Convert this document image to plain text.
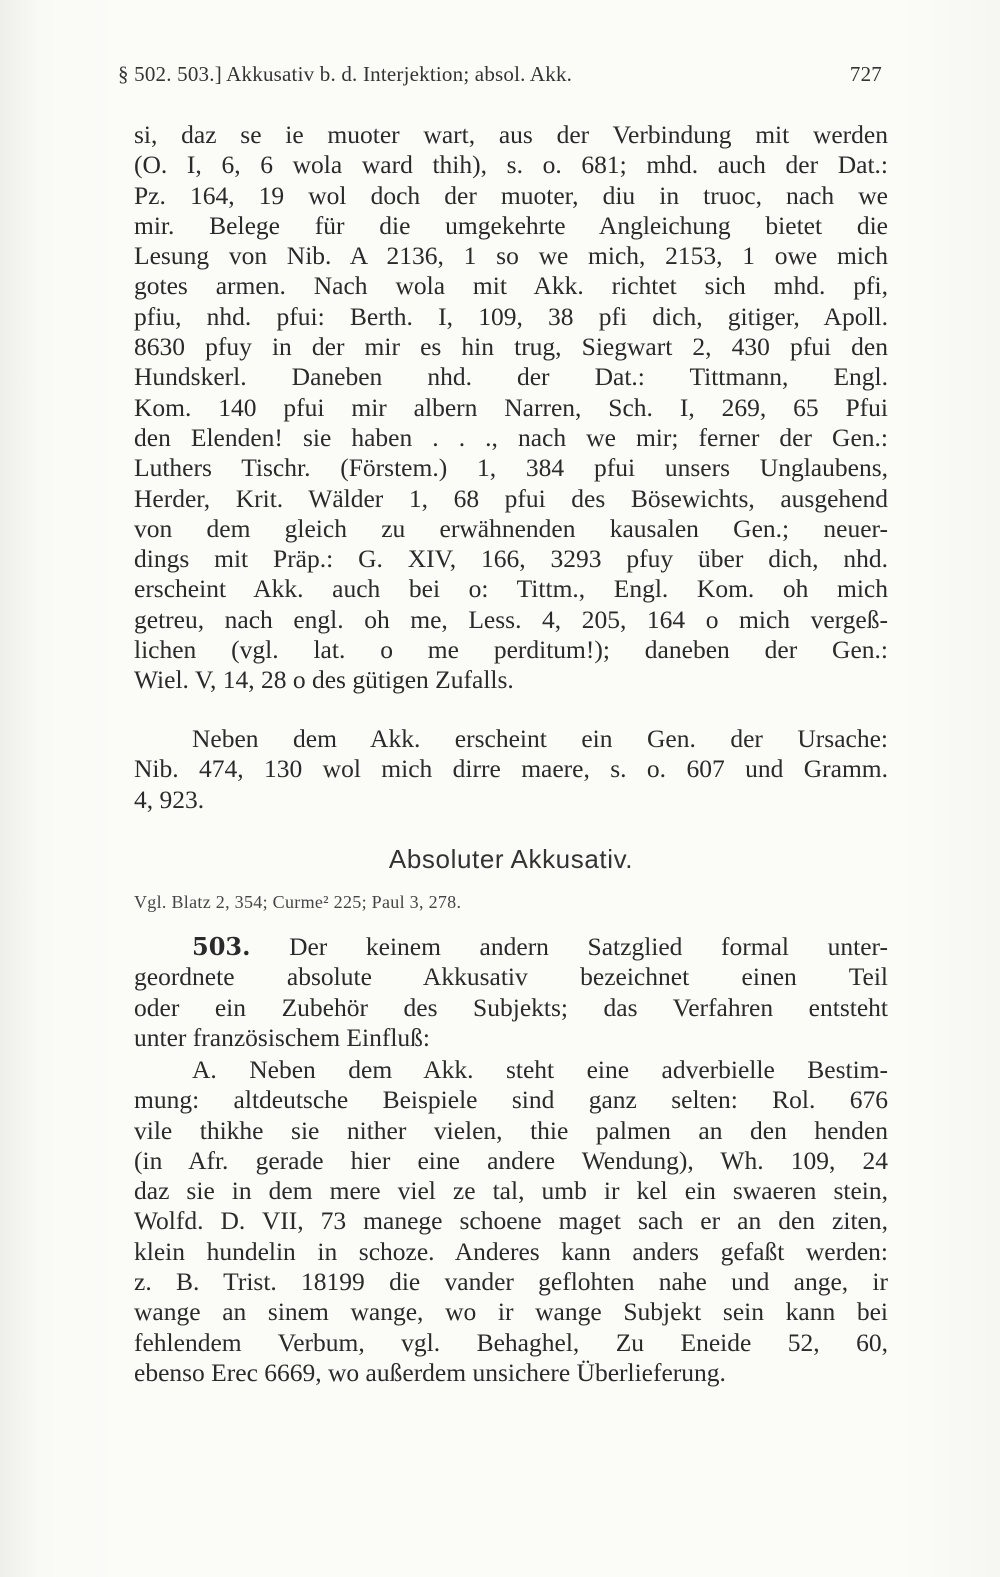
§ 502. 503.] Akkusativ b. d. Interjektion; absol. Akk.	727
si, daz se ie muoter wart, aus der Verbindung mit werden
(O. I, 6, 6 wola ward thih), s. o. 681; mhd. auch der Dat.:
Pz. 164, 19 wol doch der muoter, diu in truoc, nach we
mir. Belege für die umgekehrte Angleichung bietet die
Lesung von Nib. A 2136, 1 so we mich, 2153, 1 owe mich
gotes armen. Nach wola mit Akk. richtet sich mhd. pfi,
pfiu, nhd. pfui: Berth. I, 109, 38 pfi dich, gitiger, Apoll.
8630 pfuy in der mir es hin trug, Siegwart 2, 430 pfui den
Hundskerl. Daneben nhd. der Dat.: Tittmann, Engl.
Kom. 140 pfui mir albern Narren, Sch. I, 269, 65 Pfui
den Elenden! sie haben . . ., nach we mir; ferner der Gen.:
Luthers Tischr. (Förstem.) 1, 384 pfui unsers Unglaubens,
Herder, Krit. Wälder 1, 68 pfui des Bösewichts, ausgehend
von dem gleich zu erwähnenden kausalen Gen.; neuer-
dings mit Präp.: G. XIV, 166, 3293 pfuy über dich, nhd.
erscheint Akk. auch bei o: Tittm., Engl. Kom. oh mich
getreu, nach engl. oh me, Less. 4, 205, 164 o mich vergeß-
lichen (vgl. lat. o me perditum!); daneben der Gen.:
Wiel. V, 14, 28 o des gütigen Zufalls.
Neben dem Akk. erscheint ein Gen. der Ursache:
Nib. 474, 130 wol mich dirre maere, s. o. 607 und Gramm.
4, 923.
Absoluter Akkusativ.
Vgl. Blatz 2, 354; Curme² 225; Paul 3, 278.
503. Der keinem andern Satzglied formal unter-
geordnete absolute Akkusativ bezeichnet einen Teil
oder ein Zubehör des Subjekts; das Verfahren entsteht
unter französischem Einfluß:
A. Neben dem Akk. steht eine adverbielle Bestim-
mung: altdeutsche Beispiele sind ganz selten: Rol. 676
vile thikhe sie nither vielen, thie palmen an den henden
(in Afr. gerade hier eine andere Wendung), Wh. 109, 24
daz sie in dem mere viel ze tal, umb ir kel ein swaeren stein,
Wolfd. D. VII, 73 manege schoene maget sach er an den ziten,
klein hundelin in schoze. Anderes kann anders gefaßt werden:
z. B. Trist. 18199 die vander geflohten nahe und ange, ir
wange an sinem wange, wo ir wange Subjekt sein kann bei
fehlendem Verbum, vgl. Behaghel, Zu Eneide 52, 60,
ebenso Erec 6669, wo außerdem unsichere Überlieferung.
